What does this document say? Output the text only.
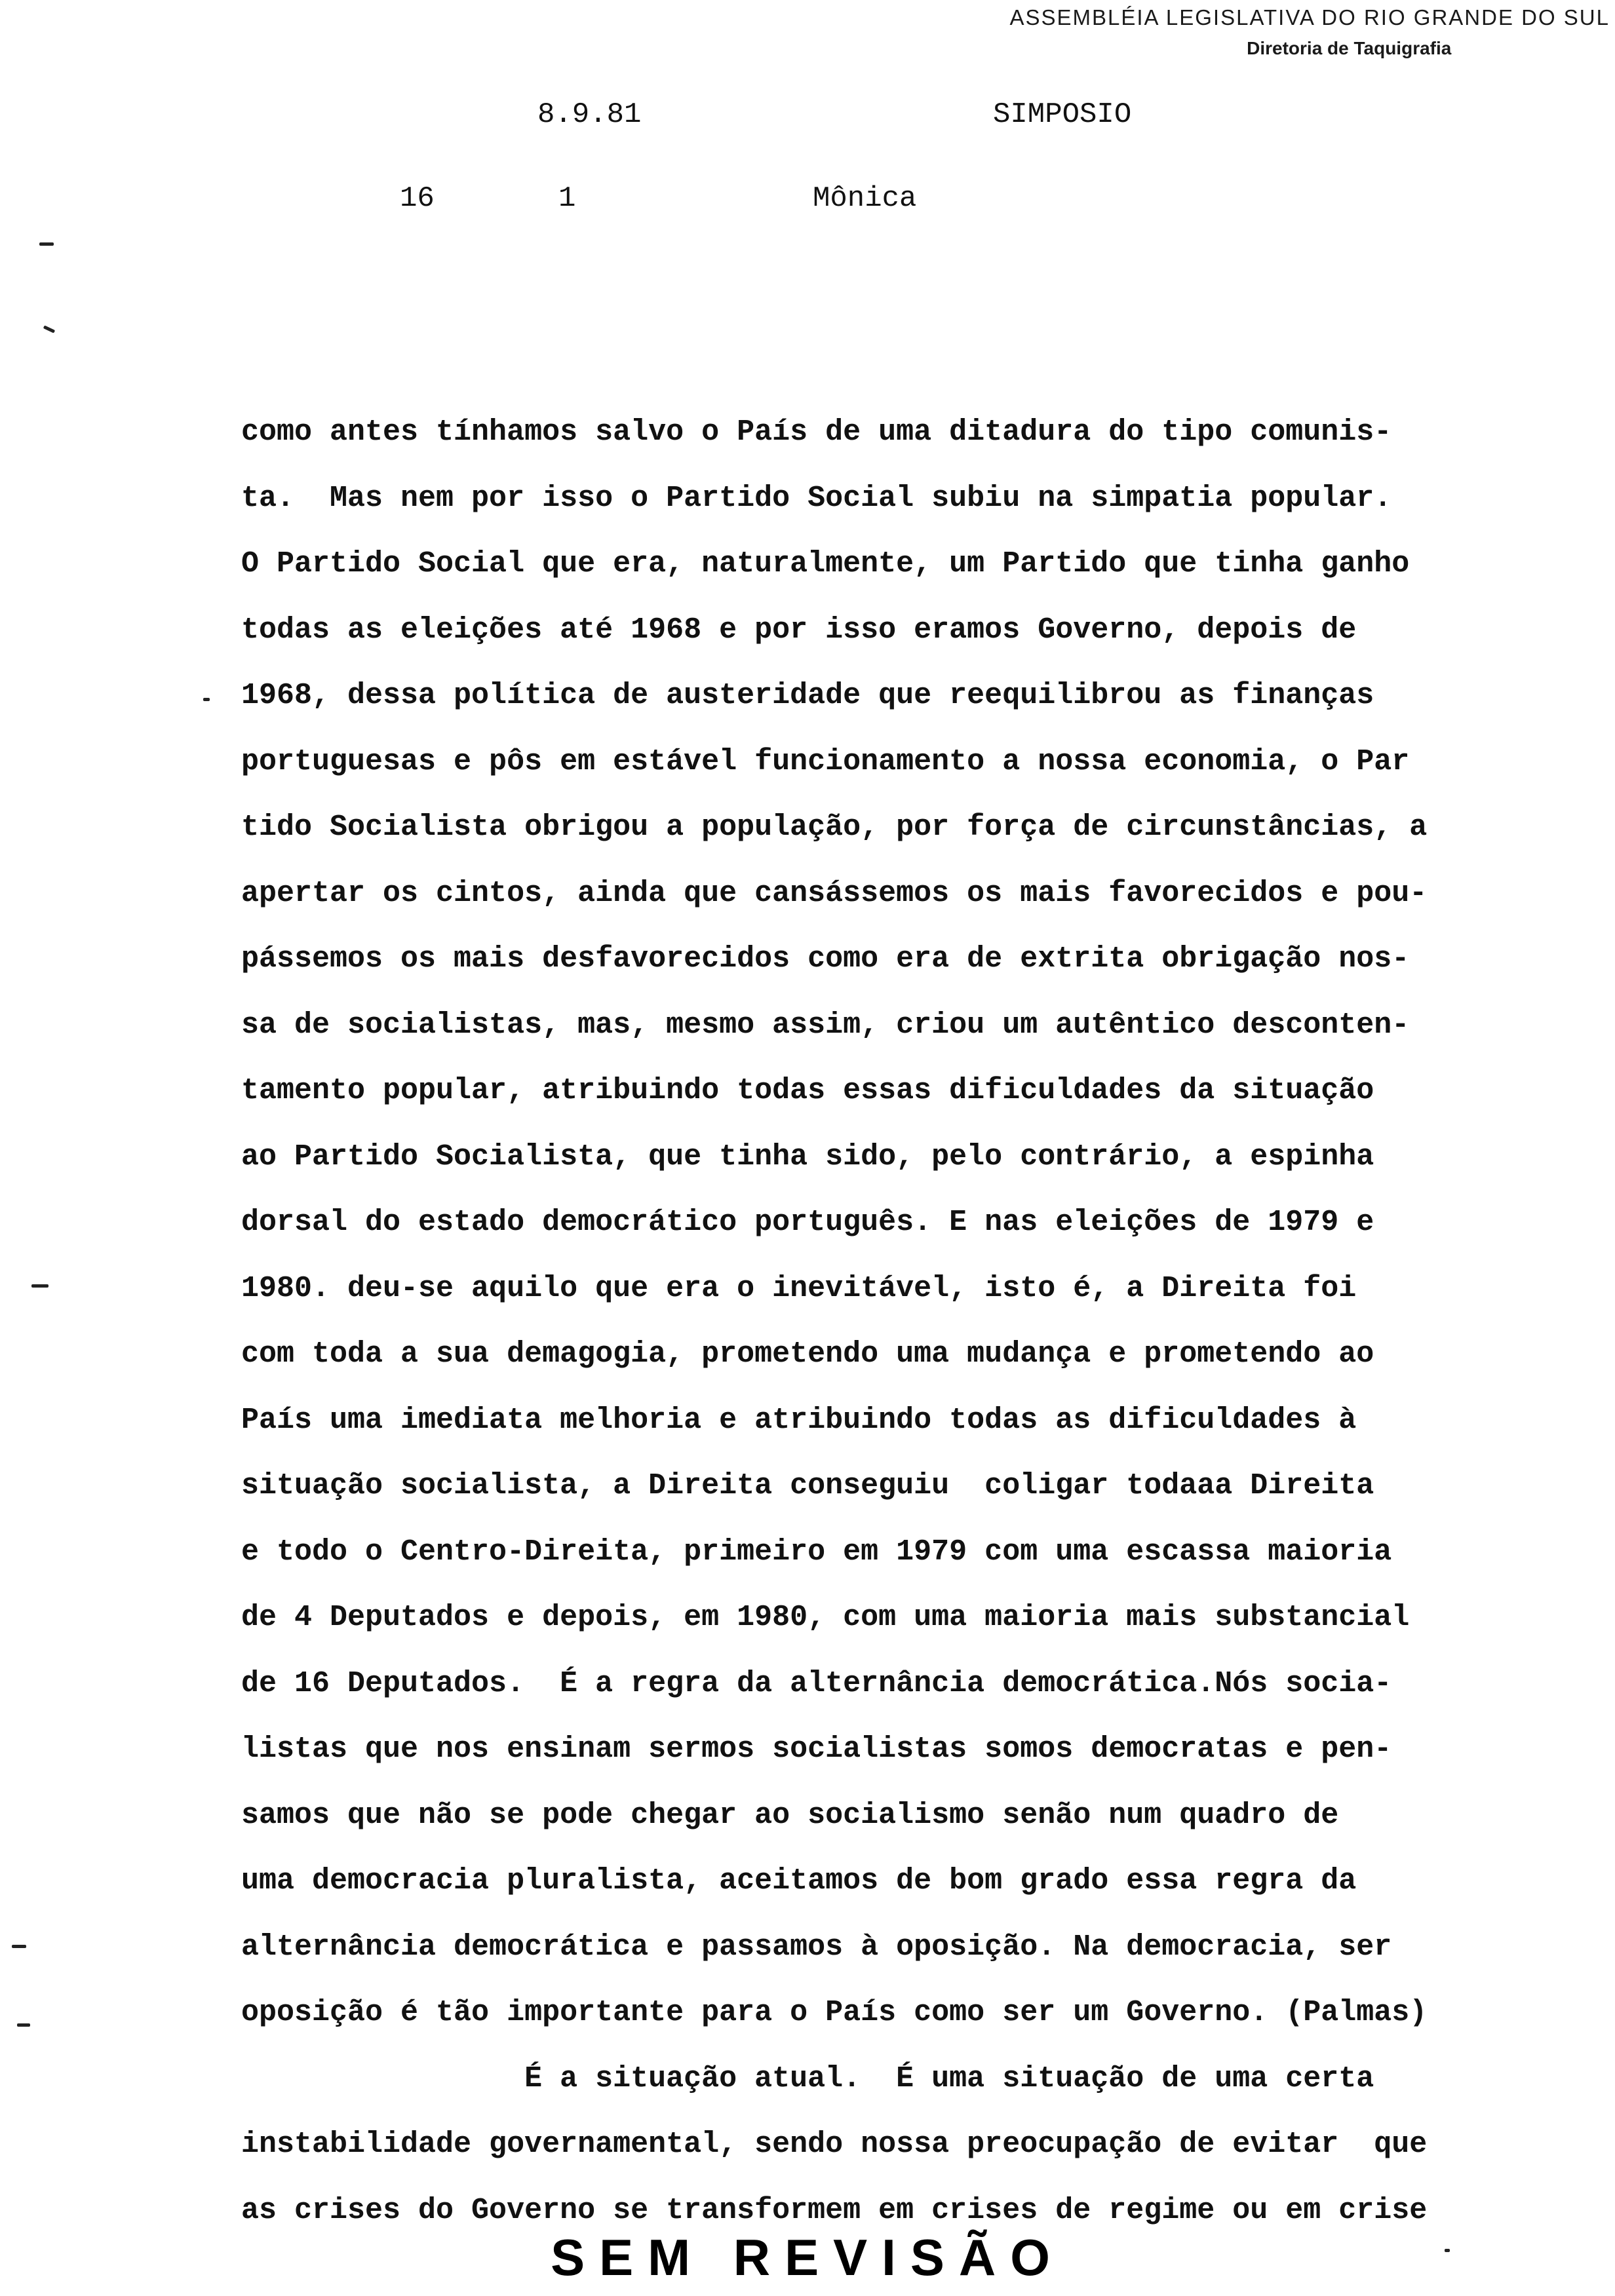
ASSEMBLÉIA LEGISLATIVA DO RIO GRANDE DO SUL
Diretoria de Taquigrafia
8.9.81	SIMPOSIO
16	1	Mônica
como antes tínhamos salvo o País de uma ditadura do tipo comunis-
ta.  Mas nem por isso o Partido Social subiu na simpatia popular.
O Partido Social que era, naturalmente, um Partido que tinha ganho
todas as eleições até 1968 e por isso eramos Governo, depois de
1968, dessa política de austeridade que reequilibrou as finanças
portuguesas e pôs em estável funcionamento a nossa economia, o Par
tido Socialista obrigou a população, por força de circunstâncias, a
apertar os cintos, ainda que cansássemos os mais favorecidos e pou-
pássemos os mais desfavorecidos como era de extrita obrigação nos-
sa de socialistas, mas, mesmo assim, criou um autêntico desconten-
tamento popular, atribuindo todas essas dificuldades da situação
ao Partido Socialista, que tinha sido, pelo contrário, a espinha
dorsal do estado democrático português. E nas eleições de 1979 e
1980. deu-se aquilo que era o inevitável, isto é, a Direita foi
com toda a sua demagogia, prometendo uma mudança e prometendo ao
País uma imediata melhoria e atribuindo todas as dificuldades à
situação socialista, a Direita conseguiu  coligar todaaa Direita
e todo o Centro-Direita, primeiro em 1979 com uma escassa maioria
de 4 Deputados e depois, em 1980, com uma maioria mais substancial
de 16 Deputados.  É a regra da alternância democrática.Nós socia-
listas que nos ensinam sermos socialistas somos democratas e pen-
samos que não se pode chegar ao socialismo senão num quadro de
uma democracia pluralista, aceitamos de bom grado essa regra da
alternância democrática e passamos à oposição. Na democracia, ser
oposição é tão importante para o País como ser um Governo. (Palmas)
É a situação atual.  É uma situação de uma certa
instabilidade governamental, sendo nossa preocupação de evitar  que
as crises do Governo se transformem em crises de regime ou em crise
SEM REVISÃO
